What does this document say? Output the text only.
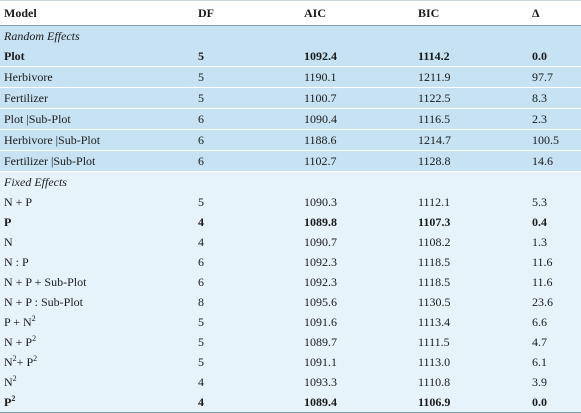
Model	DF	AIC	BIC	Δ
Random Effects				
Plot	5	1092.4	1114.2	0.0
Herbivore	5	1190.1	1211.9	97.7
Fertilizer	5	1100.7	1122.5	8.3
Plot |Sub-Plot	6	1090.4	1116.5	2.3
Herbivore |Sub-Plot	6	1188.6	1214.7	100.5
Fertilizer |Sub-Plot	6	1102.7	1128.8	14.6
Fixed Effects				
N + P	5	1090.3	1112.1	5.3
P	4	1089.8	1107.3	0.4
N	4	1090.7	1108.2	1.3
N : P	6	1092.3	1118.5	11.6
N + P + Sub-Plot	6	1092.3	1118.5	11.6
N + P : Sub-Plot	8	1095.6	1130.5	23.6
$P + N^2$	5	1091.6	1113.4	6.6
$N + P^2$	5	1089.7	1111.5	4.7
$N^2+ P^2$	5	1091.1	1113.0	6.1
$N^2$	4	1093.3	1110.8	3.9
$P^2$	4	1089.4	1106.9	0.0
